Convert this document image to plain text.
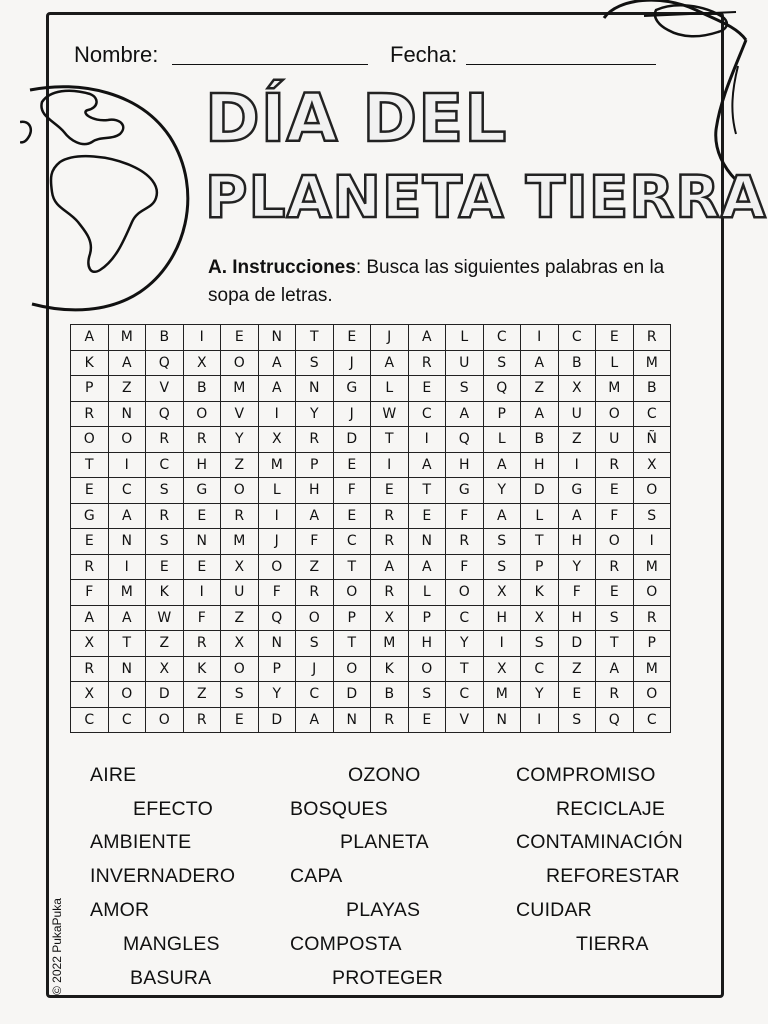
Nombre:	Fecha:
DÍA DEL
PLANETA TIERRA
A. Instrucciones: Busca las siguientes palabras en la sopa de letras.
A	M	B	I	E	N	T	E	J	A	L	C	I	C	E	R
K	A	Q	X	O	A	S	J	A	R	U	S	A	B	L	M
P	Z	V	B	M	A	N	G	L	E	S	Q	Z	X	M	B
R	N	Q	O	V	I	Y	J	W	C	A	P	A	U	O	C
O	O	R	R	Y	X	R	D	T	I	Q	L	B	Z	U	Ñ
T	I	C	H	Z	M	P	E	I	A	H	A	H	I	R	X
E	C	S	G	O	L	H	F	E	T	G	Y	D	G	E	O
G	A	R	E	R	I	A	E	R	E	F	A	L	A	F	S
E	N	S	N	M	J	F	C	R	N	R	S	T	H	O	I
R	I	E	E	X	O	Z	T	A	A	F	S	P	Y	R	M
F	M	K	I	U	F	R	O	R	L	O	X	K	F	E	O
A	A	W	F	Z	Q	O	P	X	P	C	H	X	H	S	R
X	T	Z	R	X	N	S	T	M	H	Y	I	S	D	T	P
R	N	X	K	O	P	J	O	K	O	T	X	C	Z	A	M
X	O	D	Z	S	Y	C	D	B	S	C	M	Y	E	R	O
C	C	O	R	E	D	A	N	R	E	V	N	I	S	Q	C
AIRE	OZONO	COMPROMISO
EFECTO	BOSQUES	RECICLAJE
AMBIENTE	PLANETA	CONTAMINACIÓN
INVERNADERO	CAPA	REFORESTAR
AMOR	PLAYAS	CUIDAR
MANGLES	COMPOSTA	TIERRA
BASURA	PROTEGER
© 2022 PukaPuka
